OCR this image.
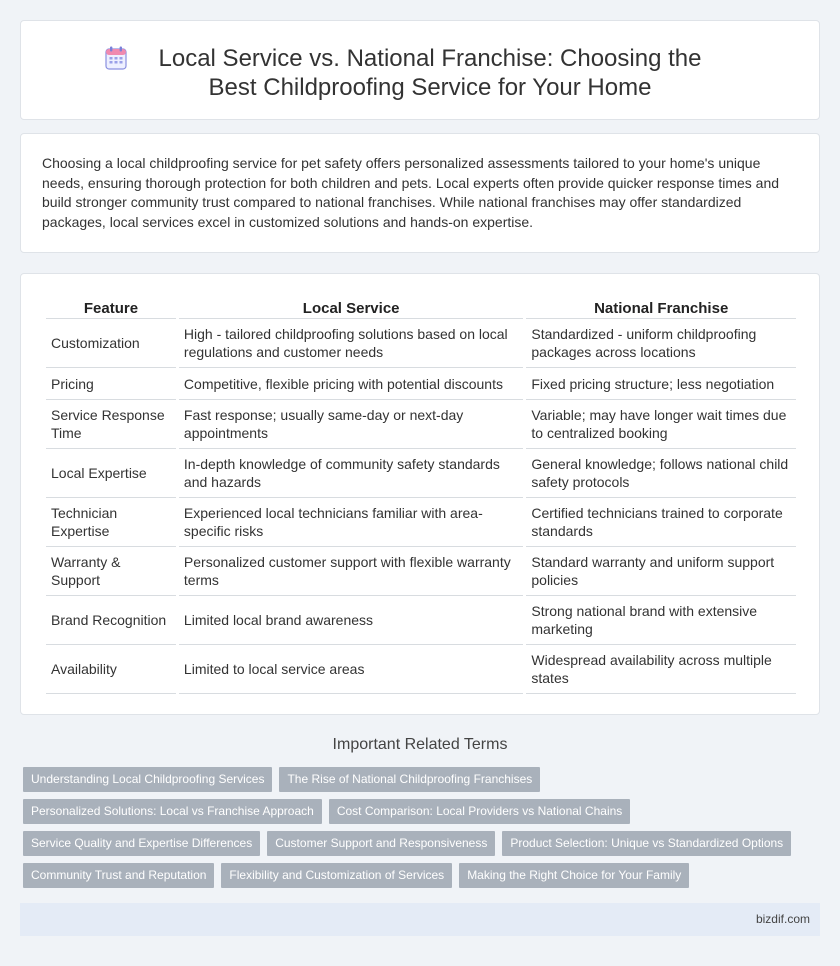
Local Service vs. National Franchise: Choosing the Best Childproofing Service for Your Home

Choosing a local childproofing service for pet safety offers personalized assessments tailored to your home's unique needs, ensuring thorough protection for both children and pets. Local experts often provide quicker response times and build stronger community trust compared to national franchises. While national franchises may offer standardized packages, local services excel in customized solutions and hands-on expertise.

Feature	Local Service	National Franchise
Customization	High - tailored childproofing solutions based on local regulations and customer needs	Standardized - uniform childproofing packages across locations
Pricing	Competitive, flexible pricing with potential discounts	Fixed pricing structure; less negotiation
Service Response Time	Fast response; usually same-day or next-day appointments	Variable; may have longer wait times due to centralized booking
Local Expertise	In-depth knowledge of community safety standards and hazards	General knowledge; follows national child safety protocols
Technician Expertise	Experienced local technicians familiar with area-specific risks	Certified technicians trained to corporate standards
Warranty & Support	Personalized customer support with flexible warranty terms	Standard warranty and uniform support policies
Brand Recognition	Limited local brand awareness	Strong national brand with extensive marketing
Availability	Limited to local service areas	Widespread availability across multiple states
Important Related Terms
Understanding Local Childproofing Services	The Rise of National Childproofing Franchises
Personalized Solutions: Local vs Franchise Approach	Cost Comparison: Local Providers vs National Chains
Service Quality and Expertise Differences	Customer Support and Responsiveness	Product Selection: Unique vs Standardized Options
Community Trust and Reputation	Flexibility and Customization of Services	Making the Right Choice for Your Family
bizdif.com
